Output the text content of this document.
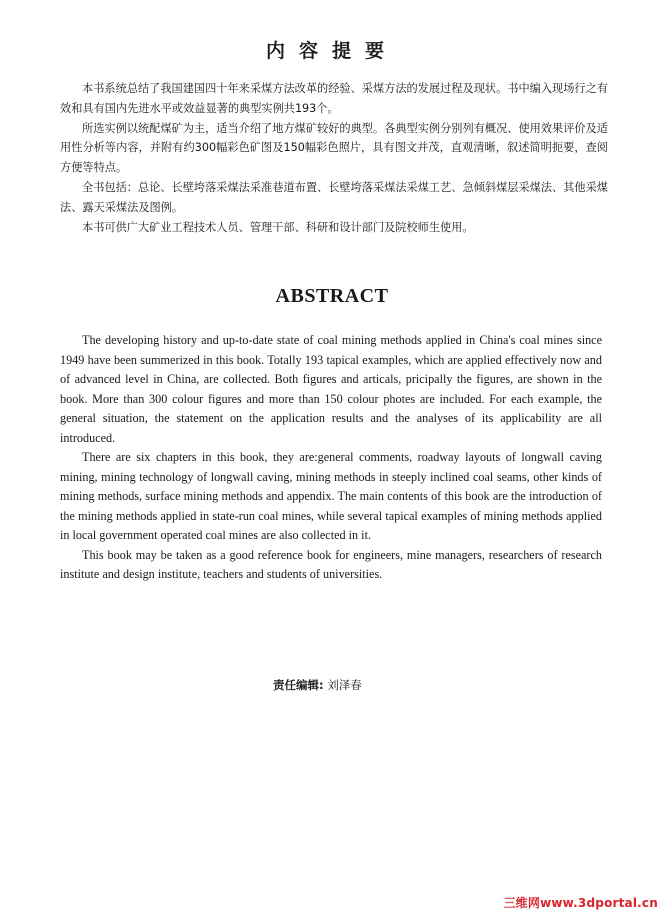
内容提要

本书系统总结了我国建国四十年来采煤方法改革的经验、采煤方法的发展过程及现状。书中编入现场行之有效和具有国内先进水平或效益显著的典型实例共193个。

所选实例以统配煤矿为主，适当介绍了地方煤矿较好的典型。各典型实例分别列有概况、使用效果评价及适用性分析等内容，并附有约300幅彩色矿图及150幅彩色照片，具有图文并茂，直观清晰，叙述简明扼要，查阅方便等特点。

全书包括：总论、长壁垮落采煤法采准巷道布置、长壁垮落采煤法采煤工艺、急倾斜煤层采煤法、其他采煤法、露天采煤法及图例。

本书可供广大矿业工程技术人员、管理干部、科研和设计部门及院校师生使用。

ABSTRACT

The developing history and up-to-date state of coal mining methods applied in China's coal mines since 1949 have been summerized in this book. Totally 193 tapical examples, which are applied effectively now and of advanced level in China, are collected. Both figures and articals, pricipally the figures, are shown in the book. More than 300 colour figures and more than 150 colour photes are included. For each example, the general situation, the statement on the application results and the analyses of its applicability are all introduced.

There are six chapters in this book, they are:general comments, roadway layouts of longwall caving mining, mining technology of longwall caving, mining methods in steeply inclined coal seams, other kinds of mining methods, surface mining methods and appendix. The main contents of this book are the introduction of the mining methods applied in state-run coal mines, while several tapical examples of mining methods applied in local government operated coal mines are also collected in it.

This book may be taken as a good reference book for engineers, mine managers, researchers of research institute and design institute, teachers and students of universities.

责任编辑: 刘泽春
三维网www.3dportal.cn
